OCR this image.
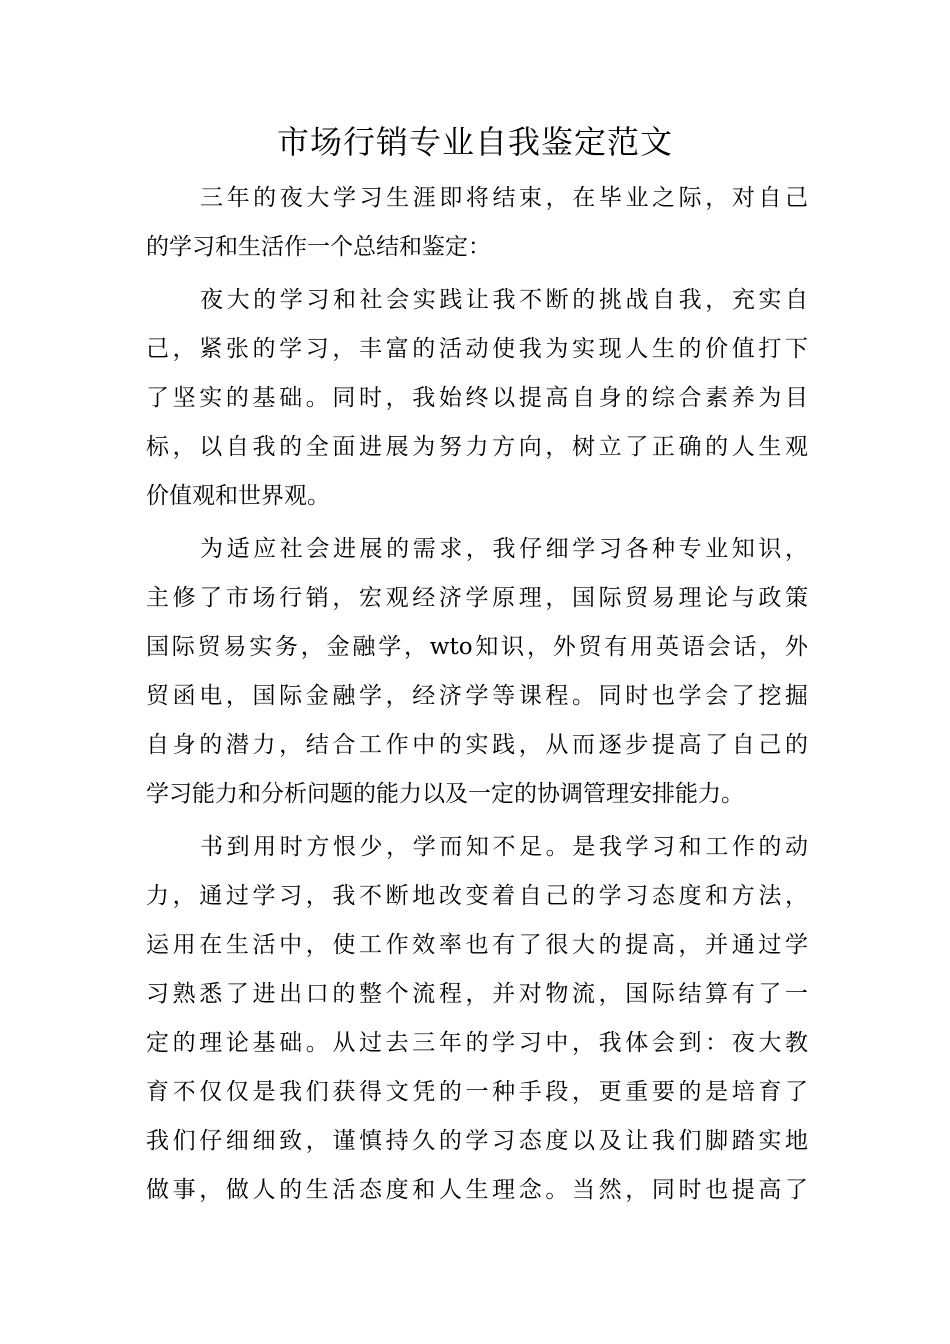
市场行销专业自我鉴定范文
三年的夜大学习生涯即将结束，在毕业之际，对自己
的学习和生活作一个总结和鉴定：
夜大的学习和社会实践让我不断的挑战自我，充实自
己，紧张的学习，丰富的活动使我为实现人生的价值打下
了坚实的基础。同时，我始终以提高自身的综合素养为目
标，以自我的全面进展为努力方向，树立了正确的人生观
价值观和世界观。
为适应社会进展的需求，我仔细学习各种专业知识，
主修了市场行销，宏观经济学原理，国际贸易理论与政策
国际贸易实务，金融学，wto知识，外贸有用英语会话，外
贸函电，国际金融学，经济学等课程。同时也学会了挖掘
自身的潜力，结合工作中的实践，从而逐步提高了自己的
学习能力和分析问题的能力以及一定的协调管理安排能力。
书到用时方恨少，学而知不足。是我学习和工作的动
力，通过学习，我不断地改变着自己的学习态度和方法，
运用在生活中，使工作效率也有了很大的提高，并通过学
习熟悉了进出口的整个流程，并对物流，国际结算有了一
定的理论基础。从过去三年的学习中，我体会到：夜大教
育不仅仅是我们获得文凭的一种手段，更重要的是培育了
我们仔细细致，谨慎持久的学习态度以及让我们脚踏实地
做事，做人的生活态度和人生理念。当然，同时也提高了
